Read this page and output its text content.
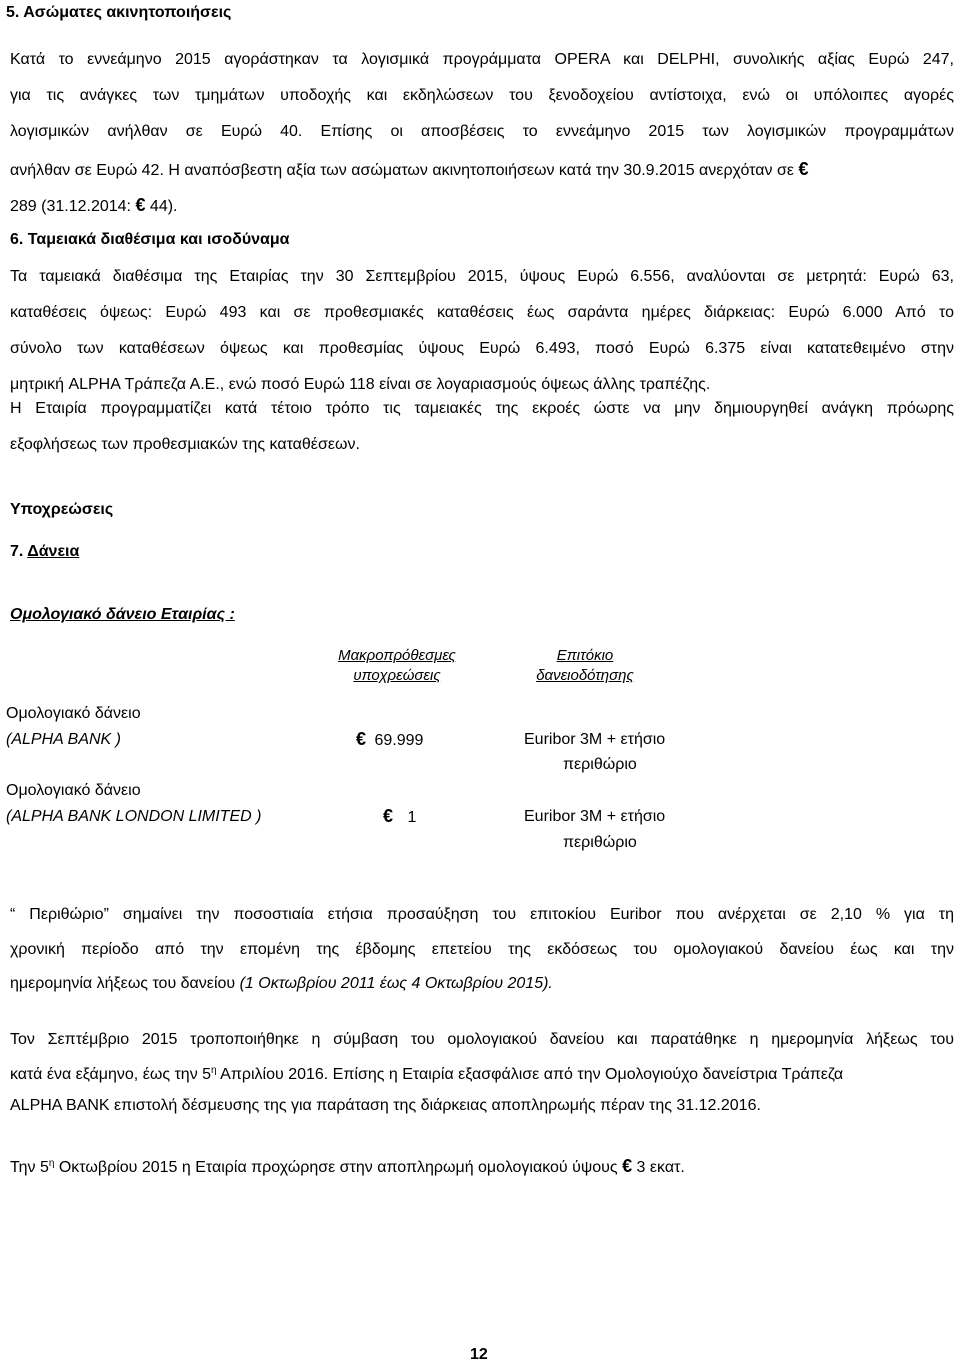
5. Ασώματες ακινητοποιήσεις
Κατά το εννεάμηνο 2015 αγοράστηκαν τα λογισμικά προγράμματα OPERA και DELPHI, συνολικής αξίας Ευρώ 247,
για τις ανάγκες των τμημάτων υποδοχής και εκδηλώσεων του ξενοδοχείου αντίστοιχα, ενώ οι υπόλοιπες αγορές
λογισμικών ανήλθαν σε Ευρώ 40. Επίσης οι αποσβέσεις το εννεάμηνο 2015 των λογισμικών προγραμμάτων
ανήλθαν σε Ευρώ 42. Η αναπόσβεστη αξία των ασώματων ακινητοποιήσεων κατά την 30.9.2015 ανερχόταν σε €
289 (31.12.2014: € 44).
6. Ταμειακά διαθέσιμα και ισοδύναμα
Τα ταμειακά διαθέσιμα της Εταιρίας την 30 Σεπτεμβρίου 2015, ύψους Ευρώ 6.556, αναλύονται σε μετρητά: Ευρώ 63,
καταθέσεις όψεως: Ευρώ 493 και σε προθεσμιακές καταθέσεις έως σαράντα ημέρες διάρκειας: Ευρώ 6.000 Από το
σύνολο των καταθέσεων όψεως και προθεσμίας ύψους Ευρώ 6.493, ποσό Ευρώ 6.375 είναι κατατεθειμένο στην
μητρική ALPHA Τράπεζα Α.Ε., ενώ ποσό Ευρώ 118 είναι σε λογαριασμούς όψεως άλλης τραπέζης.
Η Εταιρία προγραμματίζει κατά τέτοιο τρόπο τις ταμειακές της εκροές ώστε να μην δημιουργηθεί ανάγκη πρόωρης
εξοφλήσεως των προθεσμιακών της καταθέσεων.
Υποχρεώσεις
7. Δάνεια
Ομολογιακό δάνειο Εταιρίας :
Μακροπρόθεσμες
υποχρεώσεις
Επιτόκιο
δανειοδότησης
Ομολογιακό δάνειο
(ALPHA BANK )	€ 69.999	Euribor 3M + ετήσιο
περιθώριο
Ομολογιακό δάνειο
(ALPHA BANK LONDON LIMITED )	€ 1	Euribor 3M + ετήσιο
περιθώριο
“ Περιθώριο” σημαίνει την ποσοστιαία ετήσια προσαύξηση του επιτοκίου Euribor που ανέρχεται σε 2,10 % για τη
χρονική περίοδο από την επομένη της έβδομης επετείου της εκδόσεως του ομολογιακού δανείου έως και την
ημερομηνία λήξεως του δανείου (1 Οκτωβρίου 2011 έως 4 Οκτωβρίου 2015).
Τον Σεπτέμβριο 2015 τροποποιήθηκε η σύμβαση του ομολογιακού δανείου και παρατάθηκε η ημερομηνία λήξεως του
κατά ένα εξάμηνο, έως την $5^\eta$ Απριλίου 2016. Επίσης η Εταιρία εξασφάλισε από την Ομολογιούχο δανείστρια Τράπεζα
ALPHA BANK επιστολή δέσμευσης της για παράταση της διάρκειας αποπληρωμής πέραν της 31.12.2016.
Την $5^\eta$ Οκτωβρίου 2015 η Εταιρία προχώρησε στην αποπληρωμή ομολογιακού ύψους € 3 εκατ.
12
